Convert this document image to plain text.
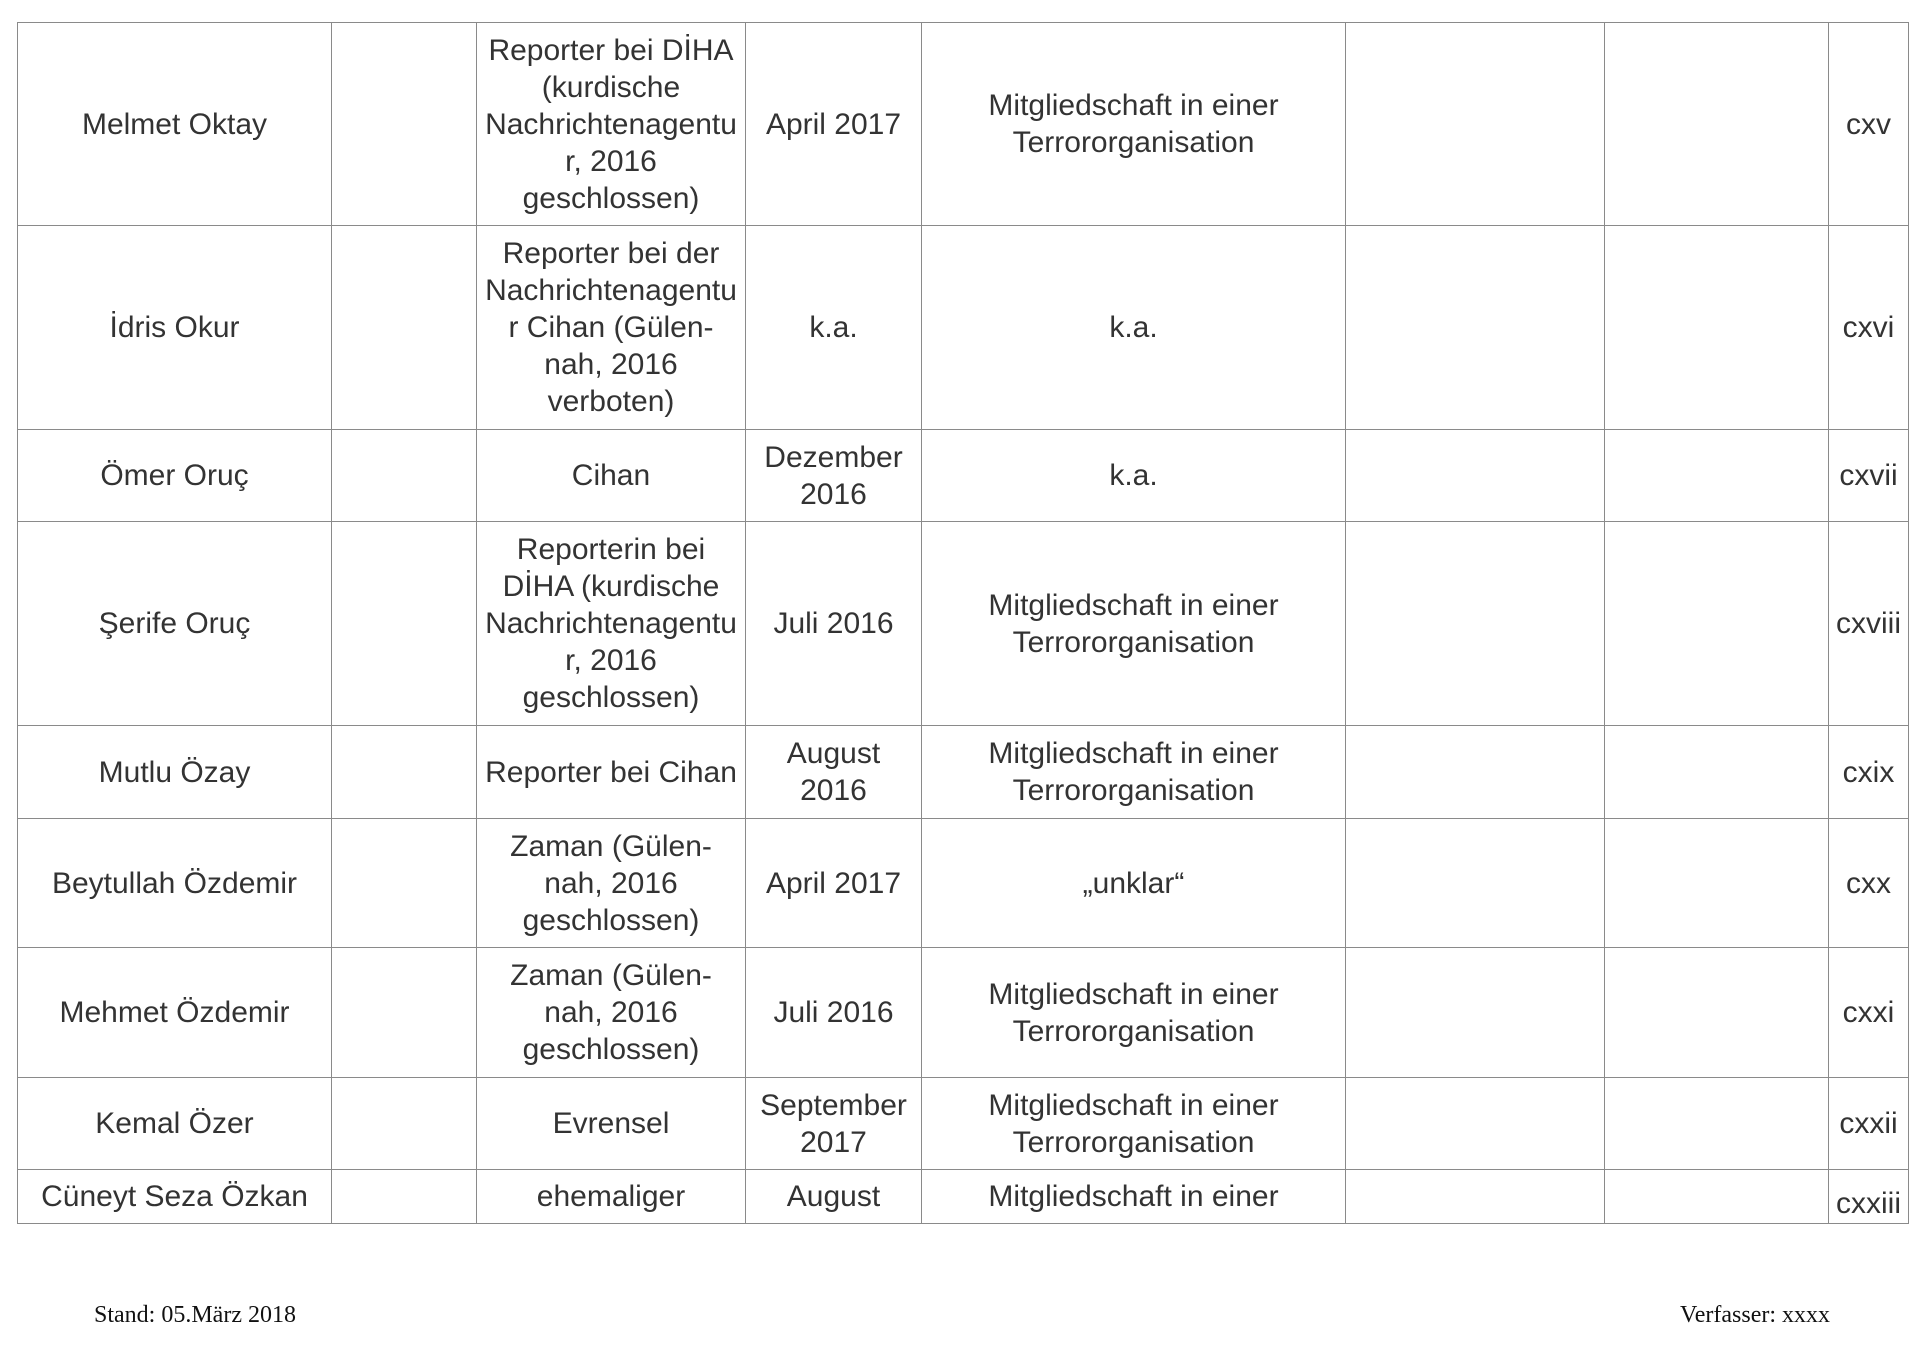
Melmet Oktay		Reporter bei DİHA (kurdische Nachrichtenagentur, 2016 geschlossen)	April 2017	Mitgliedschaft in einer Terrororganisation			cxv
İdris Okur		Reporter bei der Nachrichtenagentur Cihan (Gülen-nah, 2016 verboten)	k.a.	k.a.			cxvi
Ömer Oruç		Cihan	Dezember 2016	k.a.			cxvii
Şerife Oruç		Reporterin bei DİHA (kurdische Nachrichtenagentur, 2016 geschlossen)	Juli 2016	Mitgliedschaft in einer Terrororganisation			cxviii
Mutlu Özay		Reporter bei Cihan	August 2016	Mitgliedschaft in einer Terrororganisation			cxix
Beytullah Özdemir		Zaman (Gülen-nah, 2016 geschlossen)	April 2017	„unklar“			cxx
Mehmet Özdemir		Zaman (Gülen-nah, 2016 geschlossen)	Juli 2016	Mitgliedschaft in einer Terrororganisation			cxxi
Kemal Özer		Evrensel	September 2017	Mitgliedschaft in einer Terrororganisation			cxxii
Cüneyt Seza Özkan		ehemaliger	August	Mitgliedschaft in einer			cxxiii
Stand: 05.März 2018	Verfasser: xxxx
